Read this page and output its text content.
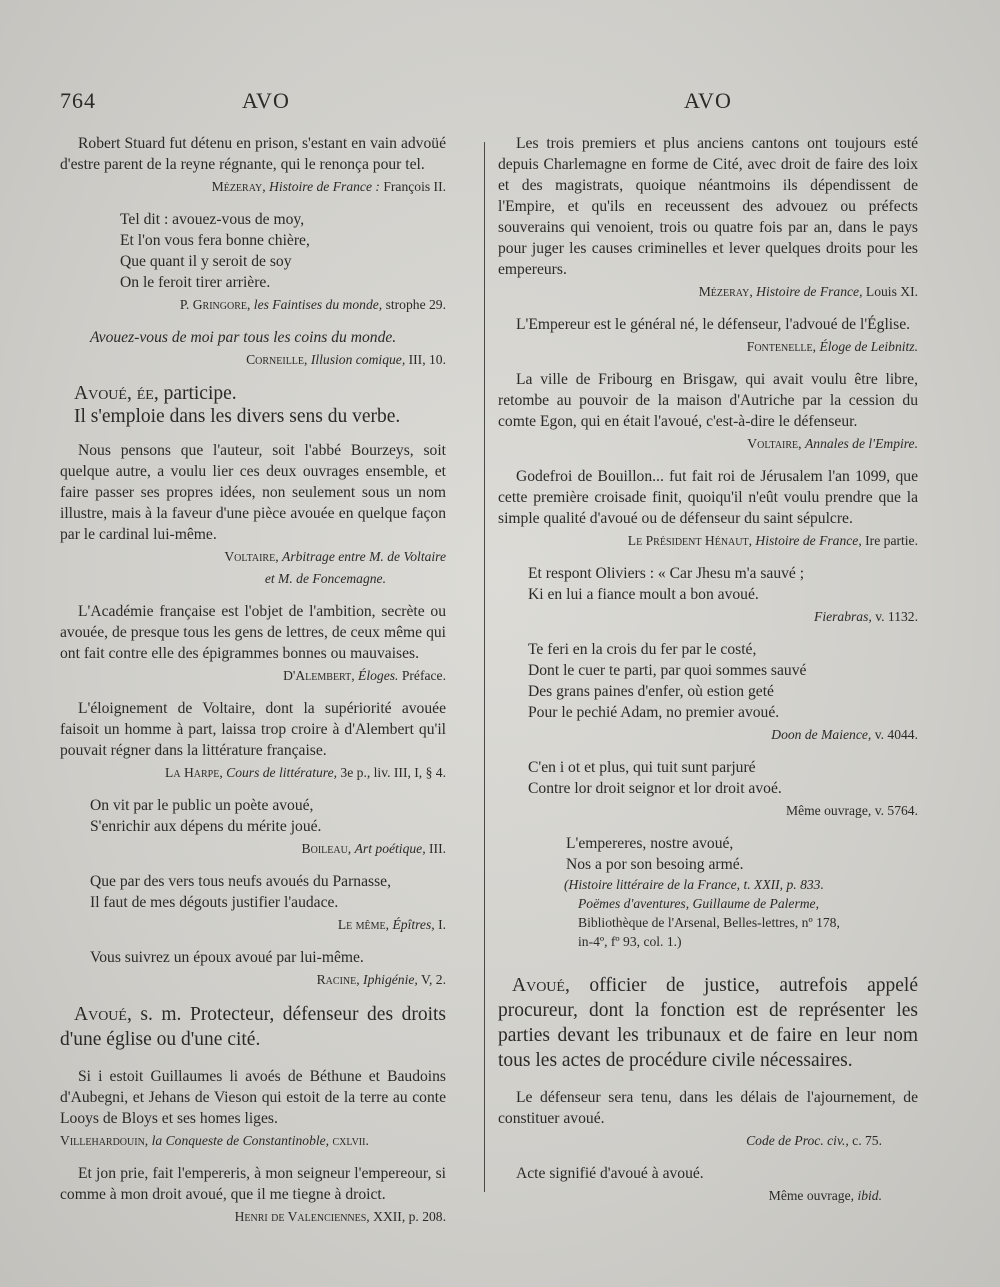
764	AVO	AVO

Robert Stuard fut détenu en prison, s'estant en vain advoüé d'estre parent de la reyne régnante, qui le renonça pour tel.

Mézeray, Histoire de France : François II.
Tel dit : avouez-vous de moy,
Et l'on vous fera bonne chière,
Que quant il y seroit de soy
On le feroit tirer arrière.
P. Gringore, les Faintises du monde, strophe 29.

Avouez-vous de moi par tous les coins du monde.

Corneille, Illusion comique, III, 10.
Avoué, ée, participe.
Il s'emploie dans les divers sens du verbe.

Nous pensons que l'auteur, soit l'abbé Bourzeys, soit quelque autre, a voulu lier ces deux ouvrages ensemble, et faire passer ses propres idées, non seulement sous un nom illustre, mais à la faveur d'une pièce avouée en quelque façon par le cardinal lui-même.

Voltaire, Arbitrage entre M. de Voltaire
et M. de Foncemagne.

L'Académie française est l'objet de l'ambition, secrète ou avouée, de presque tous les gens de lettres, de ceux même qui ont fait contre elle des épigrammes bonnes ou mauvaises.

D'Alembert, Éloges. Préface.

L'éloignement de Voltaire, dont la supériorité avouée faisoit un homme à part, laissa trop croire à d'Alembert qu'il pouvait régner dans la littérature française.

La Harpe, Cours de littérature, 3e p., liv. III, I, § 4.
On vit par le public un poète avoué,
S'enrichir aux dépens du mérite joué.
Boileau, Art poétique, III.
Que par des vers tous neufs avoués du Parnasse,
Il faut de mes dégouts justifier l'audace.
Le même, Épîtres, I.
Vous suivrez un époux avoué par lui-même.
Racine, Iphigénie, V, 2.
Avoué, s. m. Protecteur, défenseur des droits d'une église ou d'une cité.

Si i estoit Guillaumes li avoés de Béthune et Baudoins d'Aubegni, et Jehans de Vieson qui estoit de la terre au conte Looys de Bloys et ses homes liges.

Villehardouin, la Conqueste de Constantinoble, cxlvii.

Et jon prie, fait l'empereris, à mon seigneur l'empereour, si comme à mon droit avoué, que il me tiegne à droict.

Henri de Valenciennes, XXII, p. 208.

Les trois premiers et plus anciens cantons ont toujours esté depuis Charlemagne en forme de Cité, avec droit de faire des loix et des magistrats, quoique néantmoins ils dépendissent de l'Empire, et qu'ils en receussent des advouez ou préfects souverains qui venoient, trois ou quatre fois par an, dans le pays pour juger les causes criminelles et lever quelques droits pour les empereurs.

Mézeray, Histoire de France, Louis XI.

L'Empereur est le général né, le défenseur, l'advoué de l'Église.

Fontenelle, Éloge de Leibnitz.

La ville de Fribourg en Brisgaw, qui avait voulu être libre, retombe au pouvoir de la maison d'Autriche par la cession du comte Egon, qui en était l'avoué, c'est-à-dire le défenseur.

Voltaire, Annales de l'Empire.

Godefroi de Bouillon... fut fait roi de Jérusalem l'an 1099, que cette première croisade finit, quoiqu'il n'eût voulu prendre que la simple qualité d'avoué ou de défenseur du saint sépulcre.

Le Président Hénaut, Histoire de France, Ire partie.
Et respont Oliviers : « Car Jhesu m'a sauvé ;
Ki en lui a fiance moult a bon avoué.
Fierabras, v. 1132.
Te feri en la crois du fer par le costé,
Dont le cuer te parti, par quoi sommes sauvé
Des grans paines d'enfer, où estion geté
Pour le pechié Adam, no premier avoué.
Doon de Maience, v. 4044.
C'en i ot et plus, qui tuit sunt parjuré
Contre lor droit seignor et lor droit avoé.
Même ouvrage, v. 5764.
L'empereres, nostre avoué,
Nos a por son besoing armé.
(Histoire littéraire de la France, t. XXII, p. 833.
Poëmes d'aventures, Guillaume de Palerme,
Bibliothèque de l'Arsenal, Belles-lettres, nº 178,
in-4º, fº 93, col. 1.)
Avoué, officier de justice, autrefois appelé procureur, dont la fonction est de représenter les parties devant les tribunaux et de faire en leur nom tous les actes de procédure civile nécessaires.

Le défenseur sera tenu, dans les délais de l'ajournement, de constituer avoué.

Code de Proc. civ., c. 75.

Acte signifié d'avoué à avoué.

Même ouvrage, ibid.
